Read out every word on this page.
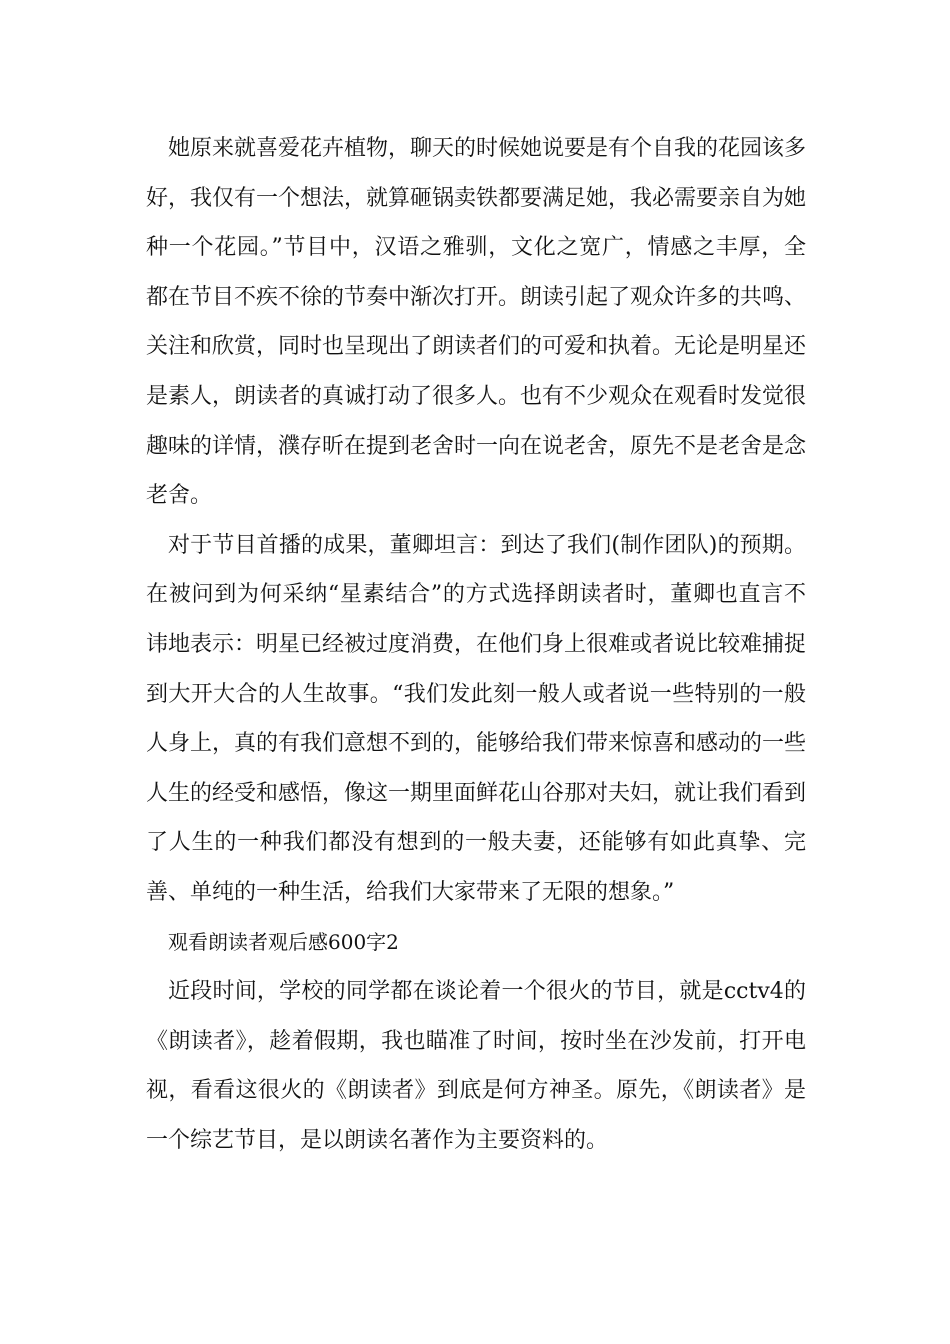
她原来就喜爱花卉植物，聊天的时候她说要是有个自我的花园该多好，我仅有一个想法，就算砸锅卖铁都要满足她，我必需要亲自为她种一个花园。”节目中，汉语之雅驯，文化之宽广，情感之丰厚，全都在节目不疾不徐的节奏中渐次打开。朗读引起了观众许多的共鸣、关注和欣赏，同时也呈现出了朗读者们的可爱和执着。无论是明星还是素人，朗读者的真诚打动了很多人。也有不少观众在观看时发觉很趣味的详情，濮存昕在提到老舍时一向在说老舍，原先不是老舍是念老舍。

对于节目首播的成果，董卿坦言：到达了我们(制作团队)的预期。在被问到为何采纳“星素结合”的方式选择朗读者时，董卿也直言不讳地表示：明星已经被过度消费，在他们身上很难或者说比较难捕捉到大开大合的人生故事。“我们发此刻一般人或者说一些特别的一般人身上，真的有我们意想不到的，能够给我们带来惊喜和感动的一些人生的经受和感悟，像这一期里面鲜花山谷那对夫妇，就让我们看到了人生的一种我们都没有想到的一般夫妻，还能够有如此真挚、完善、单纯的一种生活，给我们大家带来了无限的想象。”

观看朗读者观后感600字2

近段时间，学校的同学都在谈论着一个很火的节目，就是cctv4的《朗读者》，趁着假期，我也瞄准了时间，按时坐在沙发前，打开电视，看看这很火的《朗读者》到底是何方神圣。原先，《朗读者》是一个综艺节目，是以朗读名著作为主要资料的。
